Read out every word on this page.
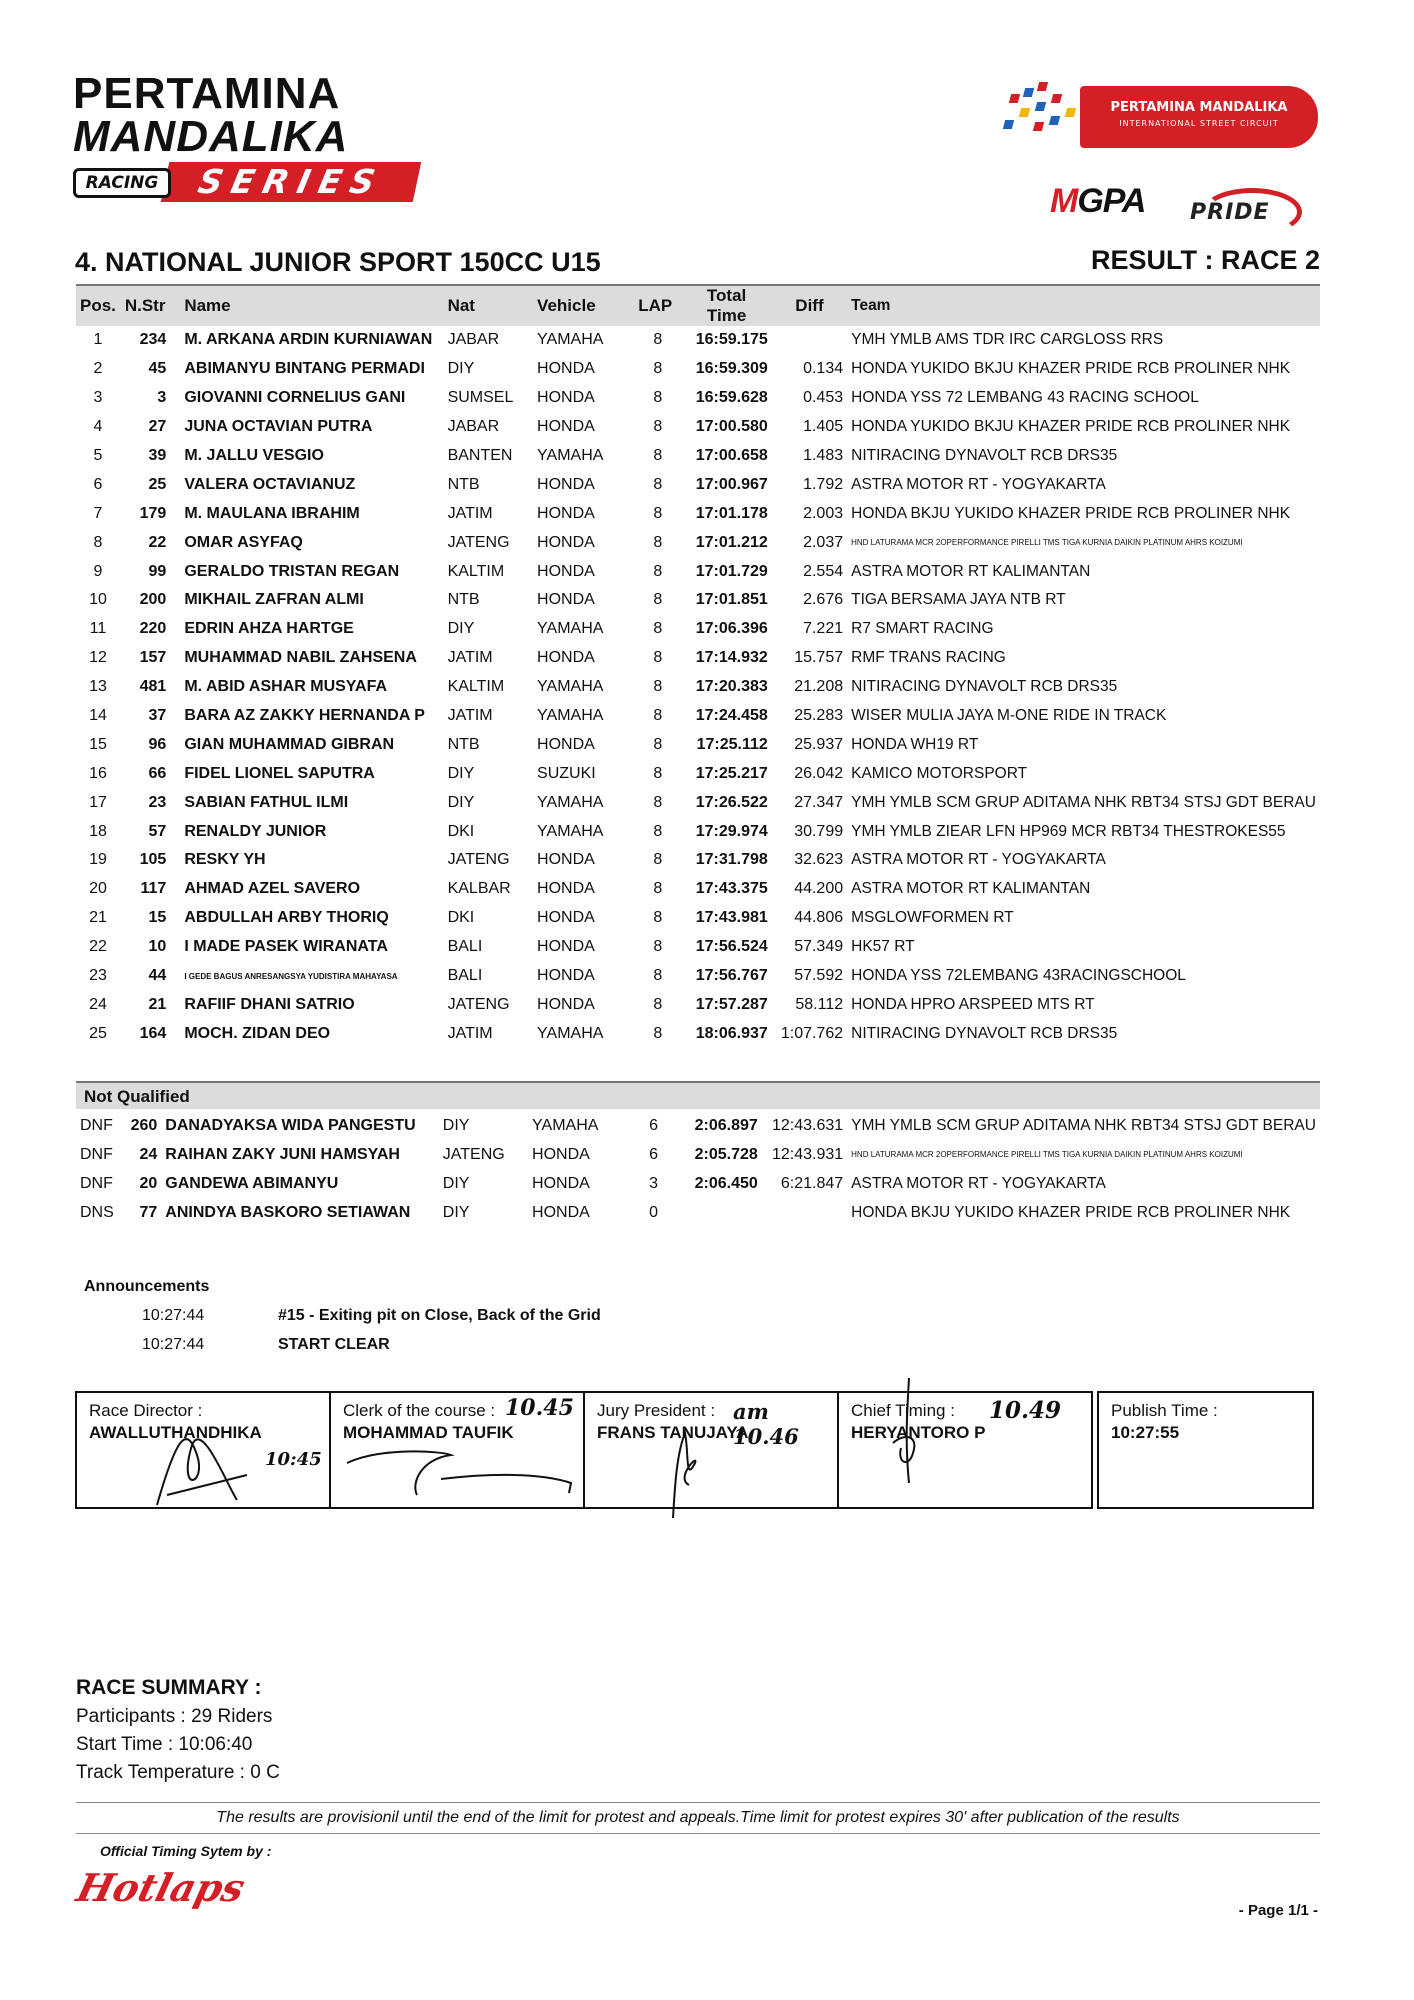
PERTAMINA
MANDALIKA
SERIES
RACING
PERTAMINA MANDALIKA
INTERNATIONAL STREET CIRCUIT
MGPA PRIDE
4. NATIONAL JUNIOR SPORT 150CC U15	RESULT : RACE 2
Pos.	N.Str	Name	Nat	Vehicle	LAP	Total Time	Diff	Team
1	234	M. ARKANA ARDIN KURNIAWAN	JABAR	YAMAHA	8	16:59.175		YMH YMLB AMS TDR IRC CARGLOSS RRS
2	45	ABIMANYU BINTANG PERMADI	DIY	HONDA	8	16:59.309	0.134	HONDA YUKIDO BKJU KHAZER PRIDE RCB PROLINER NHK
3	3	GIOVANNI CORNELIUS GANI	SUMSEL	HONDA	8	16:59.628	0.453	HONDA YSS 72 LEMBANG 43 RACING SCHOOL
4	27	JUNA OCTAVIAN PUTRA	JABAR	HONDA	8	17:00.580	1.405	HONDA YUKIDO BKJU KHAZER PRIDE RCB PROLINER NHK
5	39	M. JALLU VESGIO	BANTEN	YAMAHA	8	17:00.658	1.483	NITIRACING DYNAVOLT RCB DRS35
6	25	VALERA OCTAVIANUZ	NTB	HONDA	8	17:00.967	1.792	ASTRA MOTOR RT - YOGYAKARTA
7	179	M. MAULANA IBRAHIM	JATIM	HONDA	8	17:01.178	2.003	HONDA BKJU YUKIDO KHAZER PRIDE RCB PROLINER NHK
8	22	OMAR ASYFAQ	JATENG	HONDA	8	17:01.212	2.037	HND LATURAMA MCR 2OPERFORMANCE PIRELLI TMS TIGA KURNIA DAIKIN PLATINUM AHRS KOIZUMI
9	99	GERALDO TRISTAN REGAN	KALTIM	HONDA	8	17:01.729	2.554	ASTRA MOTOR RT KALIMANTAN
10	200	MIKHAIL ZAFRAN ALMI	NTB	HONDA	8	17:01.851	2.676	TIGA BERSAMA JAYA NTB RT
11	220	EDRIN AHZA HARTGE	DIY	YAMAHA	8	17:06.396	7.221	R7 SMART RACING
12	157	MUHAMMAD NABIL ZAHSENA	JATIM	HONDA	8	17:14.932	15.757	RMF TRANS RACING
13	481	M. ABID ASHAR MUSYAFA	KALTIM	YAMAHA	8	17:20.383	21.208	NITIRACING DYNAVOLT RCB DRS35
14	37	BARA AZ ZAKKY HERNANDA P	JATIM	YAMAHA	8	17:24.458	25.283	WISER MULIA JAYA M-ONE RIDE IN TRACK
15	96	GIAN MUHAMMAD GIBRAN	NTB	HONDA	8	17:25.112	25.937	HONDA WH19 RT
16	66	FIDEL LIONEL SAPUTRA	DIY	SUZUKI	8	17:25.217	26.042	KAMICO MOTORSPORT
17	23	SABIAN FATHUL ILMI	DIY	YAMAHA	8	17:26.522	27.347	YMH YMLB SCM GRUP ADITAMA NHK RBT34 STSJ GDT BERAU
18	57	RENALDY JUNIOR	DKI	YAMAHA	8	17:29.974	30.799	YMH YMLB ZIEAR LFN HP969 MCR RBT34 THESTROKES55
19	105	RESKY YH	JATENG	HONDA	8	17:31.798	32.623	ASTRA MOTOR RT - YOGYAKARTA
20	117	AHMAD AZEL SAVERO	KALBAR	HONDA	8	17:43.375	44.200	ASTRA MOTOR RT KALIMANTAN
21	15	ABDULLAH ARBY THORIQ	DKI	HONDA	8	17:43.981	44.806	MSGLOWFORMEN RT
22	10	I MADE PASEK WIRANATA	BALI	HONDA	8	17:56.524	57.349	HK57 RT
23	44	I GEDE BAGUS ANRESANGSYA YUDISTIRA MAHAYASA	BALI	HONDA	8	17:56.767	57.592	HONDA YSS 72LEMBANG 43RACINGSCHOOL
24	21	RAFIIF DHANI SATRIO	JATENG	HONDA	8	17:57.287	58.112	HONDA HPRO ARSPEED MTS RT
25	164	MOCH. ZIDAN DEO	JATIM	YAMAHA	8	18:06.937	1:07.762	NITIRACING DYNAVOLT RCB DRS35
Not Qualified
DNF	260	DANADYAKSA WIDA PANGESTU	DIY	YAMAHA	6	2:06.897	12:43.631	YMH YMLB SCM GRUP ADITAMA NHK RBT34 STSJ GDT BERAU
DNF	24	RAIHAN ZAKY JUNI HAMSYAH	JATENG	HONDA	6	2:05.728	12:43.931	HND LATURAMA MCR 2OPERFORMANCE PIRELLI TMS TIGA KURNIA DAIKIN PLATINUM AHRS KOIZUMI
DNF	20	GANDEWA ABIMANYU	DIY	HONDA	3	2:06.450	6:21.847	ASTRA MOTOR RT - YOGYAKARTA
DNS	77	ANINDYA BASKORO SETIAWAN	DIY	HONDA	0			HONDA BKJU YUKIDO KHAZER PRIDE RCB PROLINER NHK
Announcements
10:27:44	#15 - Exiting pit on Close, Back of the Grid
10:27:44	START CLEAR
Race Director :
AWALLUTHANDHIKA
10:45
Clerk of the course :
MOHAMMAD TAUFIK
10.45 Jury President :
FRANS TANUJAYA
am 10.46
Chief Timing :
HERYANTORO P
10.49	Publish Time :
10:27:55
RACE SUMMARY :
Participants : 29 Riders
Start Time : 10:06:40
Track Temperature : 0 C
The results are provisionil until the end of the limit for protest and appeals.Time limit for protest expires 30' after publication of the results
Official Timing Sytem by :
Hotlaps
- Page 1/1 -
